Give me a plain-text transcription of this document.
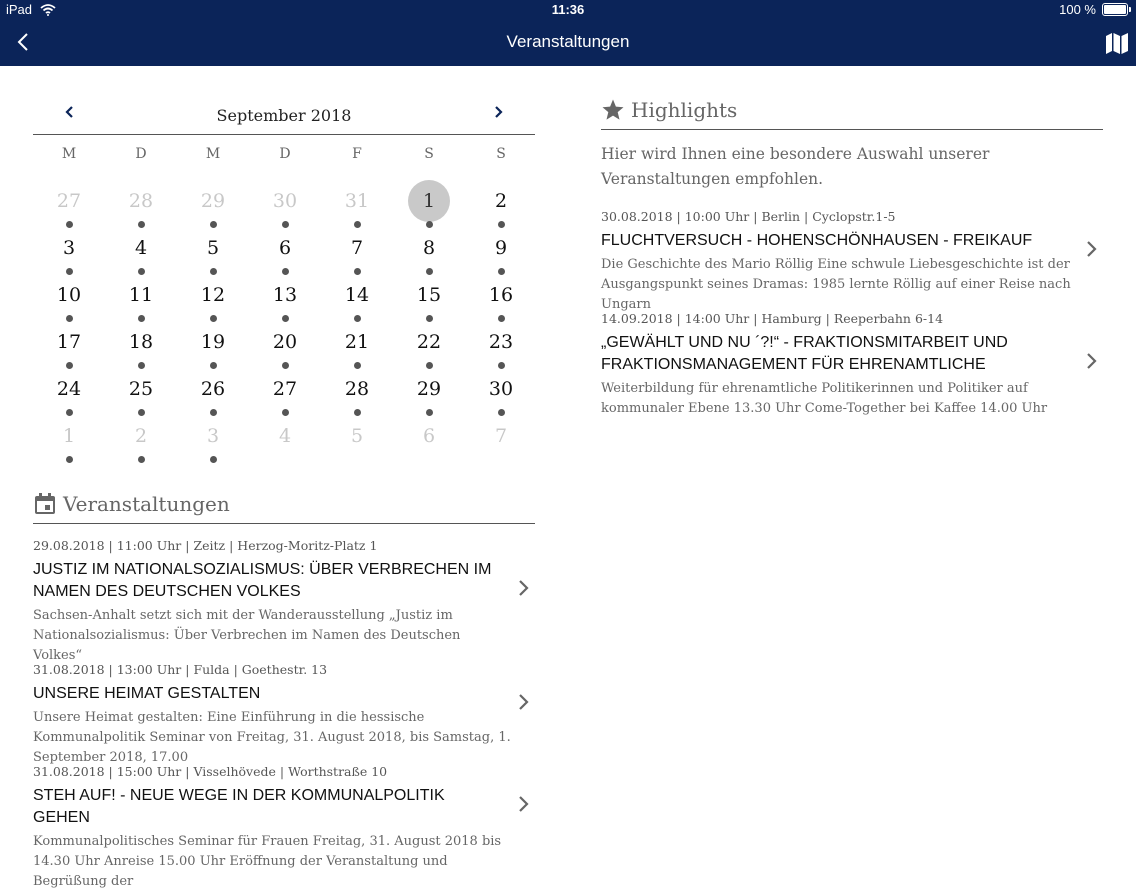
iPad	11:36	100 %
Veranstaltungen
September 2018
M	D	M	D	F	S	S
27	28	29	30	31	1	2
3	4	5	6	7	8	9
10	11	12	13	14	15	16
17	18	19	20	21	22	23
24	25	26	27	28	29	30
1	2	3	4	5	6	7
Veranstaltungen
29.08.2018 | 11:00 Uhr | Zeitz | Herzog-Moritz-Platz 1
JUSTIZ IM NATIONALSOZIALISMUS: ÜBER VERBRECHEN IM NAMEN DES DEUTSCHEN VOLKES
Sachsen-Anhalt setzt sich mit der Wanderausstellung „Justiz im Nationalsozialismus: Über Verbrechen im Namen des Deutschen Volkes“
31.08.2018 | 13:00 Uhr | Fulda | Goethestr. 13
UNSERE HEIMAT GESTALTEN
Unsere Heimat gestalten: Eine Einführung in die hessische Kommunalpolitik Seminar von Freitag, 31. August 2018, bis Samstag, 1. September 2018, 17.00
31.08.2018 | 15:00 Uhr | Visselhövede | Worthstraße 10
STEH AUF! - NEUE WEGE IN DER KOMMUNALPOLITIK GEHEN
Kommunalpolitisches Seminar für Frauen Freitag, 31. August 2018 bis 14.30 Uhr Anreise 15.00 Uhr Eröffnung der Veranstaltung und Begrüßung der
Highlights
Hier wird Ihnen eine besondere Auswahl unserer Veranstaltungen empfohlen.
30.08.2018 | 10:00 Uhr | Berlin | Cyclopstr.1-5
FLUCHTVERSUCH - HOHENSCHÖNHAUSEN - FREIKAUF
Die Geschichte des Mario Röllig Eine schwule Liebesgeschichte ist der Ausgangspunkt seines Dramas: 1985 lernte Röllig auf einer Reise nach Ungarn
14.09.2018 | 14:00 Uhr | Hamburg | Reeperbahn 6-14
„GEWÄHLT UND NU ´?!“ - FRAKTIONSMITARBEIT UND FRAKTIONSMANAGEMENT FÜR EHRENAMTLICHE
Weiterbildung für ehrenamtliche Politikerinnen und Politiker auf kommunaler Ebene 13.30 Uhr Come-Together bei Kaffee 14.00 Uhr
